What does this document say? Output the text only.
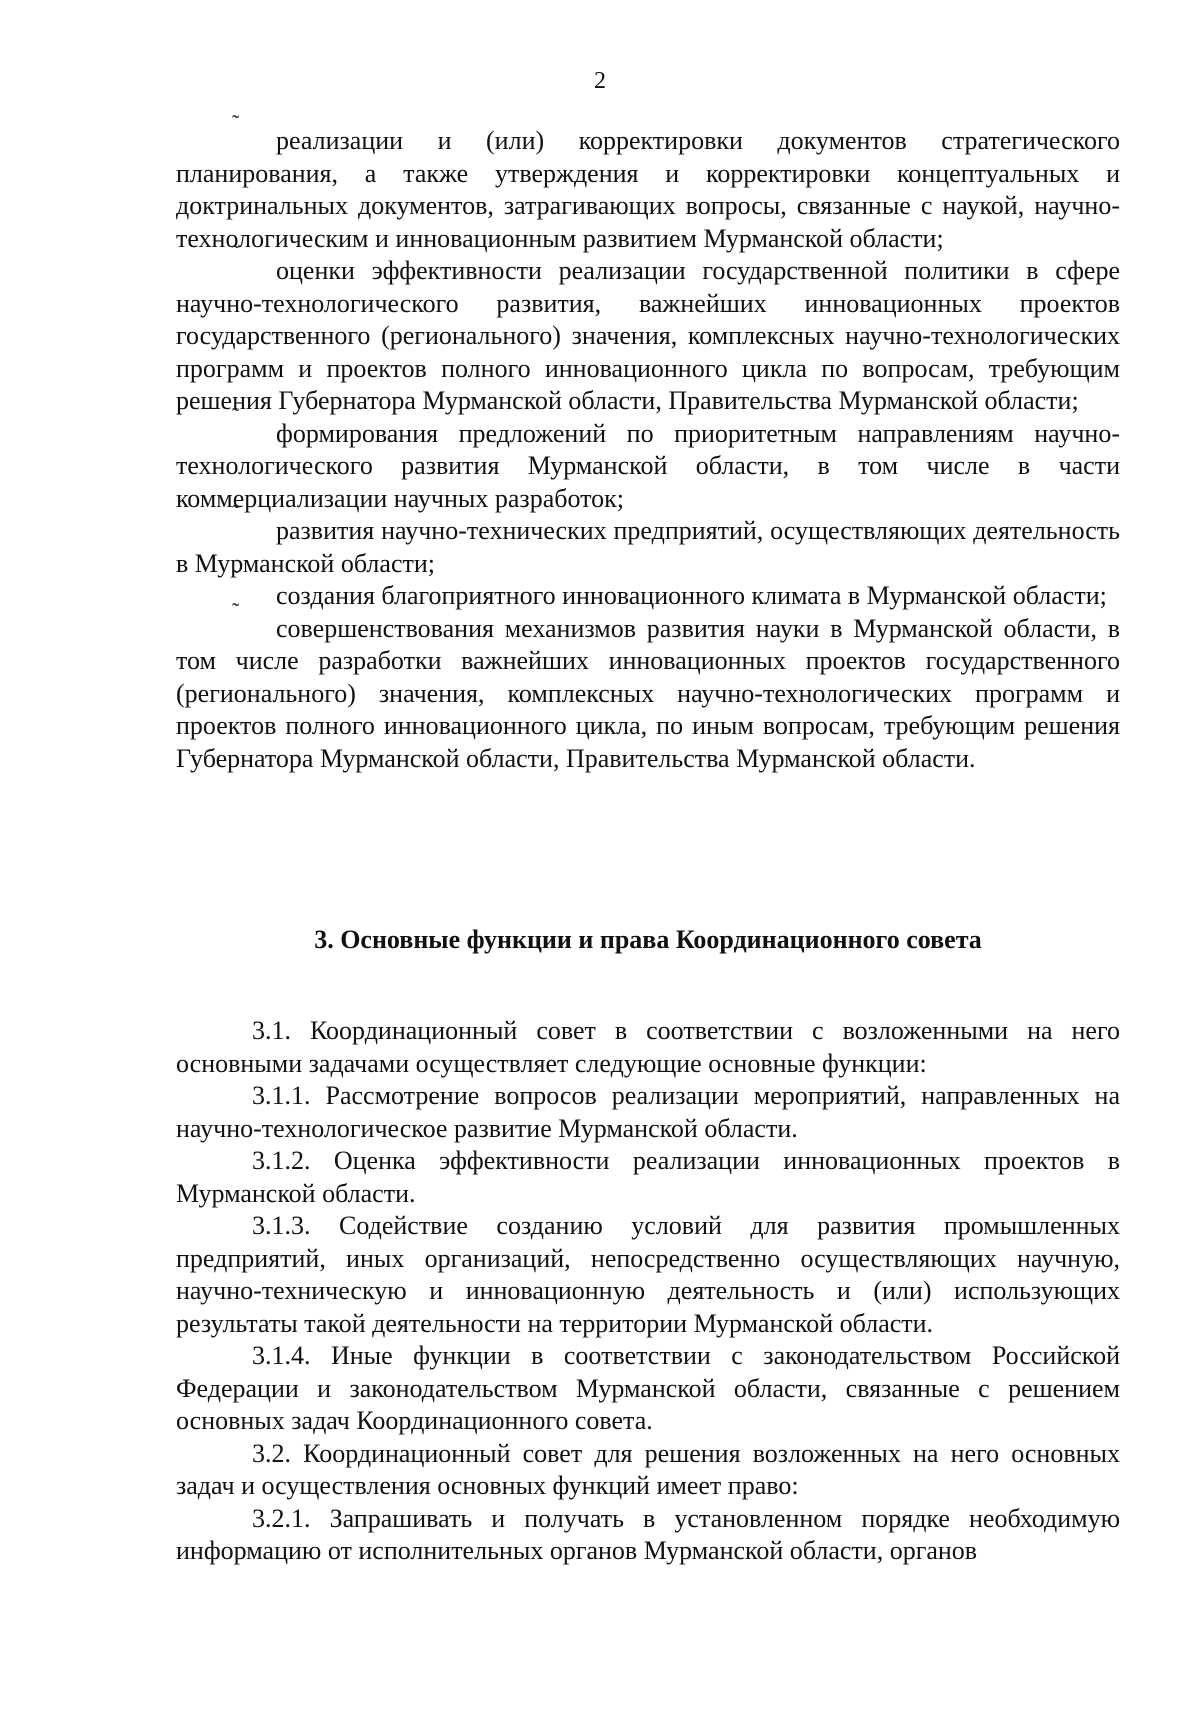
2

˜ реализации и (или) корректировки документов стратегического планирования, а также утверждения и корректировки концептуальных и доктринальных документов, затрагивающих вопросы, связанные с наукой, научно-технологическим и инновационным развитием Мурманской области;

˜ оценки эффективности реализации государственной политики в сфере научно-технологического развития, важнейших инновационных проектов государственного (регионального) значения, комплексных научно-технологических программ и проектов полного инновационного цикла по вопросам, требующим решения Губернатора Мурманской области, Правительства Мурманской области;

˜ формирования предложений по приоритетным направлениям научно-технологического развития Мурманской области, в том числе в части коммерциализации научных разработок;

˜ развития научно-технических предприятий, осуществляющих деятельность в Мурманской области;

˜ создания благоприятного инновационного климата в Мурманской области;

˜ совершенствования механизмов развития науки в Мурманской области, в том числе разработки важнейших инновационных проектов государственного (регионального) значения, комплексных научно-технологических программ и проектов полного инновационного цикла, по иным вопросам, требующим решения Губернатора Мурманской области, Правительства Мурманской области.

3. Основные функции и права Координационного совета

3.1. Координационный совет в соответствии с возложенными на него основными задачами осуществляет следующие основные функции:

3.1.1. Рассмотрение вопросов реализации мероприятий, направленных на научно-технологическое развитие Мурманской области.

3.1.2. Оценка эффективности реализации инновационных проектов в Мурманской области.

3.1.3. Содействие созданию условий для развития промышленных предприятий, иных организаций, непосредственно осуществляющих научную, научно-техническую и инновационную деятельность и (или) использующих результаты такой деятельности на территории Мурманской области.

3.1.4. Иные функции в соответствии с законодательством Российской Федерации и законодательством Мурманской области, связанные с решением основных задач Координационного совета.

3.2. Координационный совет для решения возложенных на него основных задач и осуществления основных функций имеет право:

3.2.1. Запрашивать и получать в установленном порядке необходимую информацию от исполнительных органов Мурманской области, органов
